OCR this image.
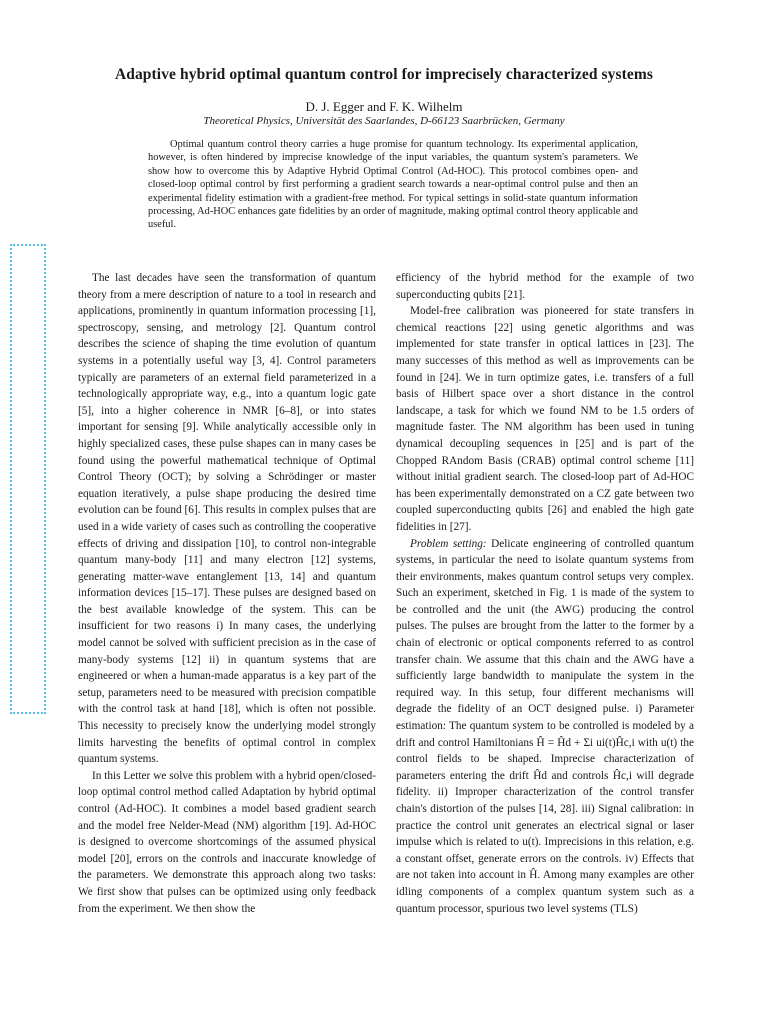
Adaptive hybrid optimal quantum control for imprecisely characterized systems
D. J. Egger and F. K. Wilhelm
Theoretical Physics, Universität des Saarlandes, D-66123 Saarbrücken, Germany
Optimal quantum control theory carries a huge promise for quantum technology. Its experimental application, however, is often hindered by imprecise knowledge of the input variables, the quantum system's parameters. We show how to overcome this by Adaptive Hybrid Optimal Control (Ad-HOC). This protocol combines open- and closed-loop optimal control by first performing a gradient search towards a near-optimal control pulse and then an experimental fidelity estimation with a gradient-free method. For typical settings in solid-state quantum information processing, Ad-HOC enhances gate fidelities by an order of magnitude, making optimal control theory applicable and useful.

The last decades have seen the transformation of quantum theory from a mere description of nature to a tool in research and applications, prominently in quantum information processing [1], spectroscopy, sensing, and metrology [2]. Quantum control describes the science of shaping the time evolution of quantum systems in a potentially useful way [3, 4]. Control parameters typically are parameters of an external field parameterized in a technologically appropriate way, e.g., into a quantum logic gate [5], into a higher coherence in NMR [6–8], or into states important for sensing [9]. While analytically accessible only in highly specialized cases, these pulse shapes can in many cases be found using the powerful mathematical technique of Optimal Control Theory (OCT); by solving a Schrödinger or master equation iteratively, a pulse shape producing the desired time evolution can be found [6]. This results in complex pulses that are used in a wide variety of cases such as controlling the cooperative effects of driving and dissipation [10], to control non-integrable quantum many-body [11] and many electron [12] systems, generating matter-wave entanglement [13, 14] and quantum information devices [15–17]. These pulses are designed based on the best available knowledge of the system. This can be insufficient for two reasons i) In many cases, the underlying model cannot be solved with sufficient precision as in the case of many-body systems [12] ii) in quantum systems that are engineered or when a human-made apparatus is a key part of the setup, parameters need to be measured with precision compatible with the control task at hand [18], which is often not possible. This necessity to precisely know the underlying model strongly limits harvesting the benefits of optimal control in complex quantum systems.

In this Letter we solve this problem with a hybrid open/closed-loop optimal control method called Adaptation by hybrid optimal control (Ad-HOC). It combines a model based gradient search and the model free Nelder-Mead (NM) algorithm [19]. Ad-HOC is designed to overcome shortcomings of the assumed physical model [20], errors on the controls and inaccurate knowledge of the parameters. We demonstrate this approach along two tasks: We first show that pulses can be optimized using only feedback from the experiment. We then show the

efficiency of the hybrid method for the example of two superconducting qubits [21].

Model-free calibration was pioneered for state transfers in chemical reactions [22] using genetic algorithms and was implemented for state transfer in optical lattices in [23]. The many successes of this method as well as improvements can be found in [24]. We in turn optimize gates, i.e. transfers of a full basis of Hilbert space over a short distance in the control landscape, a task for which we found NM to be 1.5 orders of magnitude faster. The NM algorithm has been used in tuning dynamical decoupling sequences in [25] and is part of the Chopped RAndom Basis (CRAB) optimal control scheme [11] without initial gradient search. The closed-loop part of Ad-HOC has been experimentally demonstrated on a CZ gate between two coupled superconducting qubits [26] and enabled the high gate fidelities in [27].

Problem setting: Delicate engineering of controlled quantum systems, in particular the need to isolate quantum systems from their environments, makes quantum control setups very complex. Such an experiment, sketched in Fig. 1 is made of the system to be controlled and the unit (the AWG) producing the control pulses. The pulses are brought from the latter to the former by a chain of electronic or optical components referred to as control transfer chain. We assume that this chain and the AWG have a sufficiently large bandwidth to manipulate the system in the required way. In this setup, four different mechanisms will degrade the fidelity of an OCT designed pulse. i) Parameter estimation: The quantum system to be controlled is modeled by a drift and control Hamiltonians Ĥ = Ĥd + Σi ui(t)Ĥc,i with u(t) the control fields to be shaped. Imprecise characterization of parameters entering the drift Ĥd and controls Ĥc,i will degrade fidelity. ii) Improper characterization of the control transfer chain's distortion of the pulses [14, 28]. iii) Signal calibration: in practice the control unit generates an electrical signal or laser impulse which is related to u(t). Imprecisions in this relation, e.g. a constant offset, generate errors on the controls. iv) Effects that are not taken into account in Ĥ. Among many examples are other idling components of a complex quantum system such as a quantum processor, spurious two level systems (TLS)
